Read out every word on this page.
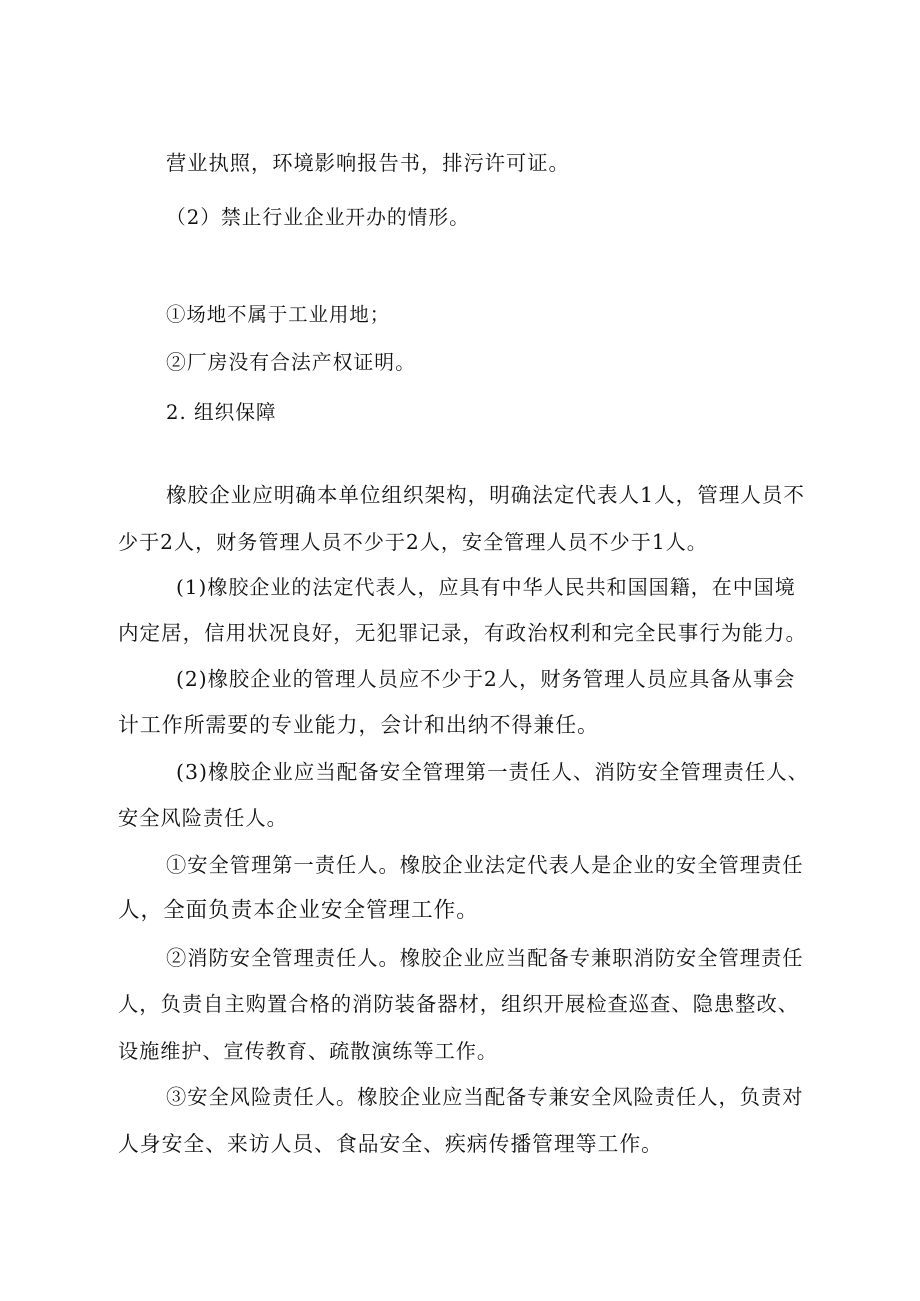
营业执照，环境影响报告书，排污许可证。
（2）禁止行业企业开办的情形。
①场地不属于工业用地；
②厂房没有合法产权证明。
2. 组织保障
橡胶企业应明确本单位组织架构，明确法定代表人1人，管理人员不
少于2人，财务管理人员不少于2人，安全管理人员不少于1人。
(1)橡胶企业的法定代表人，应具有中华人民共和国国籍，在中国境
内定居，信用状况良好，无犯罪记录，有政治权利和完全民事行为能力。
(2)橡胶企业的管理人员应不少于2人，财务管理人员应具备从事会
计工作所需要的专业能力，会计和出纳不得兼任。
(3)橡胶企业应当配备安全管理第一责任人、消防安全管理责任人、
安全风险责任人。
①安全管理第一责任人。橡胶企业法定代表人是企业的安全管理责任
人，全面负责本企业安全管理工作。
②消防安全管理责任人。橡胶企业应当配备专兼职消防安全管理责任
人，负责自主购置合格的消防装备器材，组织开展检查巡查、隐患整改、
设施维护、宣传教育、疏散演练等工作。
③安全风险责任人。橡胶企业应当配备专兼安全风险责任人，负责对
人身安全、来访人员、食品安全、疾病传播管理等工作。
